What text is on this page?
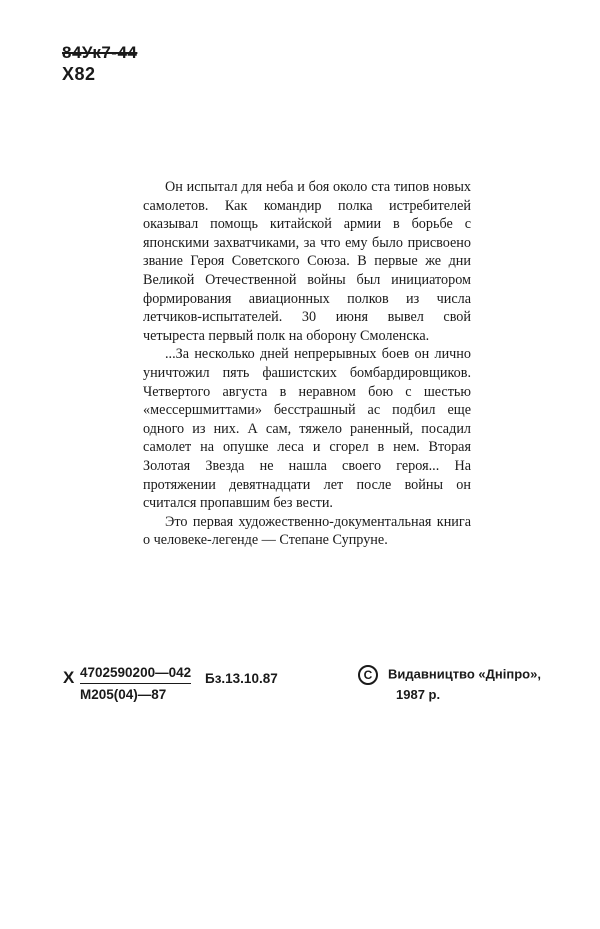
84Ук7-44
Х82

Он испытал для неба и боя около ста типов новых самолетов. Как командир полка истребителей оказывал помощь китайской армии в борьбе с японскими захватчиками, за что ему было присвоено звание Героя Советского Союза. В первые же дни Великой Отечественной войны был инициатором формирования авиационных полков из числа летчиков-испытателей. 30 июня вывел свой четыреста первый полк на оборону Смоленска.

...За несколько дней непрерывных боев он лично уничтожил пять фашистских бомбардировщиков. Четвертого августа в неравном бою с шестью «мессершмиттами» бесстрашный ас подбил еще одного из них. А сам, тяжело раненный, посадил самолет на опушке леса и сгорел в нем. Вторая Золотая Звезда не нашла своего героя... На протяжении девятнадцати лет после войны он считался пропавшим без вести.

Это первая художественно-документальная книга о человеке-легенде — Степане Супруне.

Х 4702590200—042
М205(04)—87
Бз.13.10.87	С Видавництво «Дніпро»,
1987 р.
